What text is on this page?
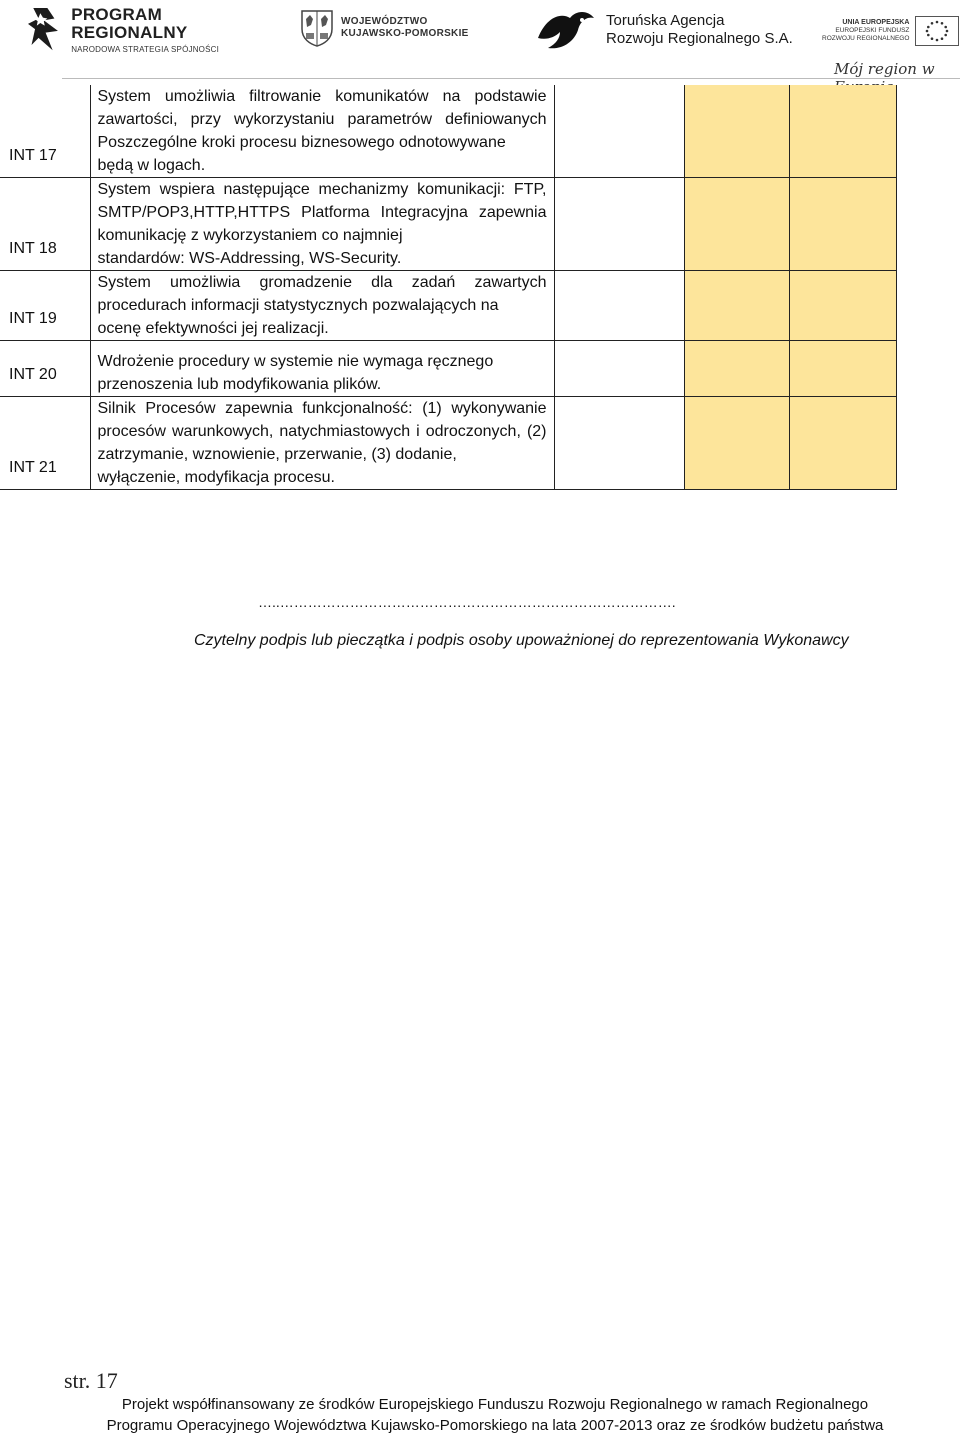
PROGRAM REGIONALNY
NARODOWA STRATEGIA SPÓJNOŚCI
WOJEWÓDZTWO
KUJAWSKO-POMORSKIE
Toruńska Agencja
Rozwoju Regionalnego S.A.
UNIA EUROPEJSKA
EUROPEJSKI FUNDUSZ
ROZWOJU REGIONALNEGO
Mój region w
INT 17	System umożliwia filtrowanie komunikatów na podstawie zawartości, przy wykorzystaniu parametrów definiowanych Poszczególne kroki procesu biznesowego odnotowywane
będą w logach.			

INT 18	System wspiera następujące mechanizmy komunikacji: FTP, SMTP/POP3,HTTP,HTTPS Platforma Integracyjna zapewnia komunikację z wykorzystaniem co najmniej
standardów: WS-Addressing, WS-Security.			

INT 19	System umożliwia gromadzenie dla zadań zawartych procedurach informacji statystycznych pozwalających na
ocenę efektywności jej realizacji.			

INT 20	Wdrożenie procedury w systemie nie wymaga ręcznego
przenoszenia lub modyfikowania plików.			

INT 21	Silnik Procesów zapewnia funkcjonalność: (1) wykonywanie procesów warunkowych, natychmiastowych i odroczonych, (2) zatrzymanie, wznowienie, przerwanie, (3) dodanie,
wyłączenie, modyfikacja procesu.			

…..………………………………………………………………………….
Czytelny podpis lub pieczątka i podpis osoby upoważnionej do reprezentowania Wykonawcy
str. 17
Projekt współfinansowany ze środków Europejskiego Funduszu Rozwoju Regionalnego w ramach Regionalnego
Programu Operacyjnego Województwa Kujawsko-Pomorskiego na lata 2007-2013 oraz ze środków budżetu państwa
